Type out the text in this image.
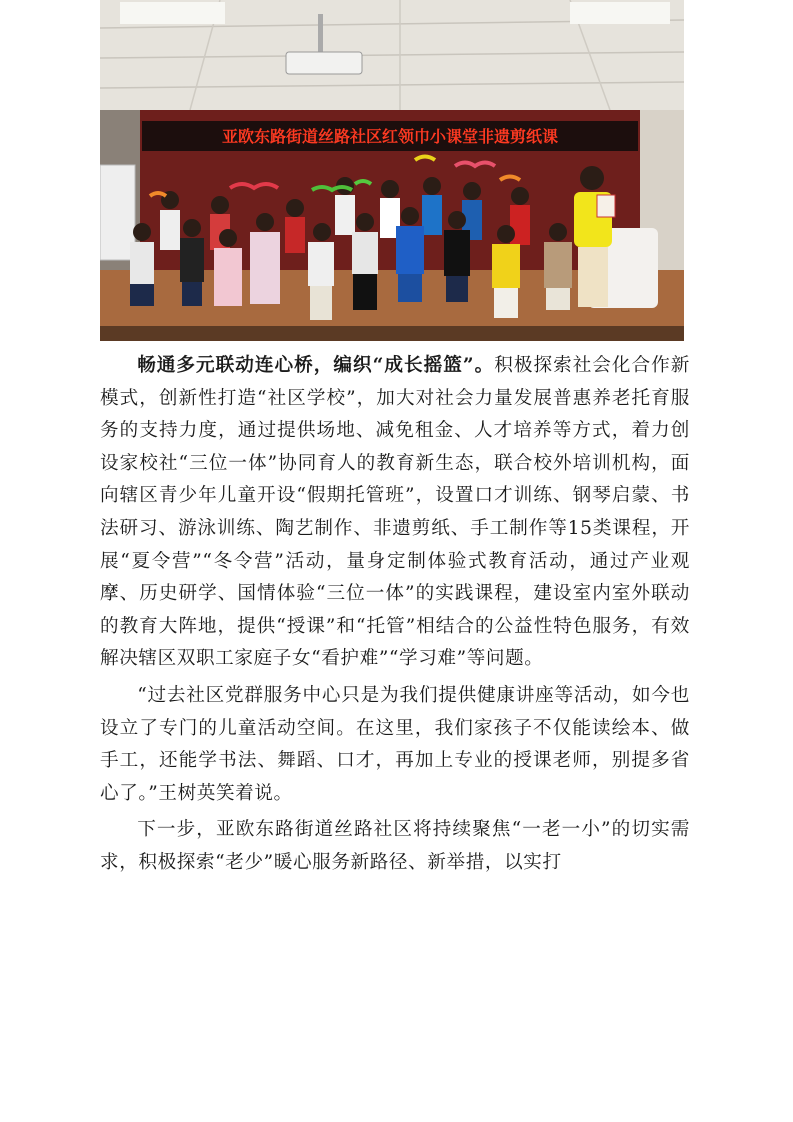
亚欧东路街道丝路社区红领巾小课堂非遗剪纸课

畅通多元联动连心桥，编织“成长摇篮”。积极探索社会化合作新模式，创新性打造“社区学校”，加大对社会力量发展普惠养老托育服务的支持力度，通过提供场地、减免租金、人才培养等方式，着力创设家校社“三位一体”协同育人的教育新生态，联合校外培训机构，面向辖区青少年儿童开设“假期托管班”，设置口才训练、钢琴启蒙、书法研习、游泳训练、陶艺制作、非遗剪纸、手工制作等15类课程，开展“夏令营”“冬令营”活动，量身定制体验式教育活动，通过产业观摩、历史研学、国情体验“三位一体”的实践课程，建设室内室外联动的教育大阵地，提供“授课”和“托管”相结合的公益性特色服务，有效解决辖区双职工家庭子女“看护难”“学习难”等问题。

“过去社区党群服务中心只是为我们提供健康讲座等活动，如今也设立了专门的儿童活动空间。在这里，我们家孩子不仅能读绘本、做手工，还能学书法、舞蹈、口才，再加上专业的授课老师，别提多省心了。”王树英笑着说。

下一步，亚欧东路街道丝路社区将持续聚焦“一老一小”的切实需求，积极探索“老少”暖心服务新路径、新举措，以实打
